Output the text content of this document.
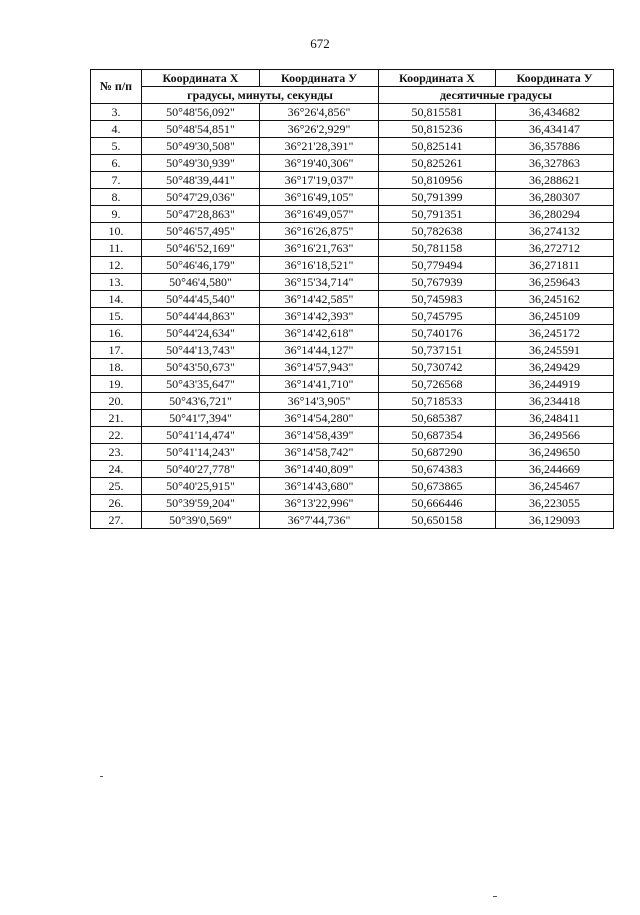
672
№ п/п	Координата X	Координата У	Координата X	Координата У
	градусы, минуты, секунды		десятичные градусы	
3.	50°48'56,092"	36°26'4,856"	50,815581	36,434682
4.	50°48'54,851"	36°26'2,929"	50,815236	36,434147
5.	50°49'30,508"	36°21'28,391"	50,825141	36,357886
6.	50°49'30,939"	36°19'40,306"	50,825261	36,327863
7.	50°48'39,441"	36°17'19,037"	50,810956	36,288621
8.	50°47'29,036"	36°16'49,105"	50,791399	36,280307
9.	50°47'28,863"	36°16'49,057"	50,791351	36,280294
10.	50°46'57,495"	36°16'26,875"	50,782638	36,274132
11.	50°46'52,169"	36°16'21,763"	50,781158	36,272712
12.	50°46'46,179"	36°16'18,521"	50,779494	36,271811
13.	50°46'4,580"	36°15'34,714"	50,767939	36,259643
14.	50°44'45,540"	36°14'42,585"	50,745983	36,245162
15.	50°44'44,863"	36°14'42,393"	50,745795	36,245109
16.	50°44'24,634"	36°14'42,618"	50,740176	36,245172
17.	50°44'13,743"	36°14'44,127"	50,737151	36,245591
18.	50°43'50,673"	36°14'57,943"	50,730742	36,249429
19.	50°43'35,647"	36°14'41,710"	50,726568	36,244919
20.	50°43'6,721"	36°14'3,905"	50,718533	36,234418
21.	50°41'7,394"	36°14'54,280"	50,685387	36,248411
22.	50°41'14,474"	36°14'58,439"	50,687354	36,249566
23.	50°41'14,243"	36°14'58,742"	50,687290	36,249650
24.	50°40'27,778"	36°14'40,809"	50,674383	36,244669
25.	50°40'25,915"	36°14'43,680"	50,673865	36,245467
26.	50°39'59,204"	36°13'22,996"	50,666446	36,223055
27.	50°39'0,569"	36°7'44,736"	50,650158	36,129093
